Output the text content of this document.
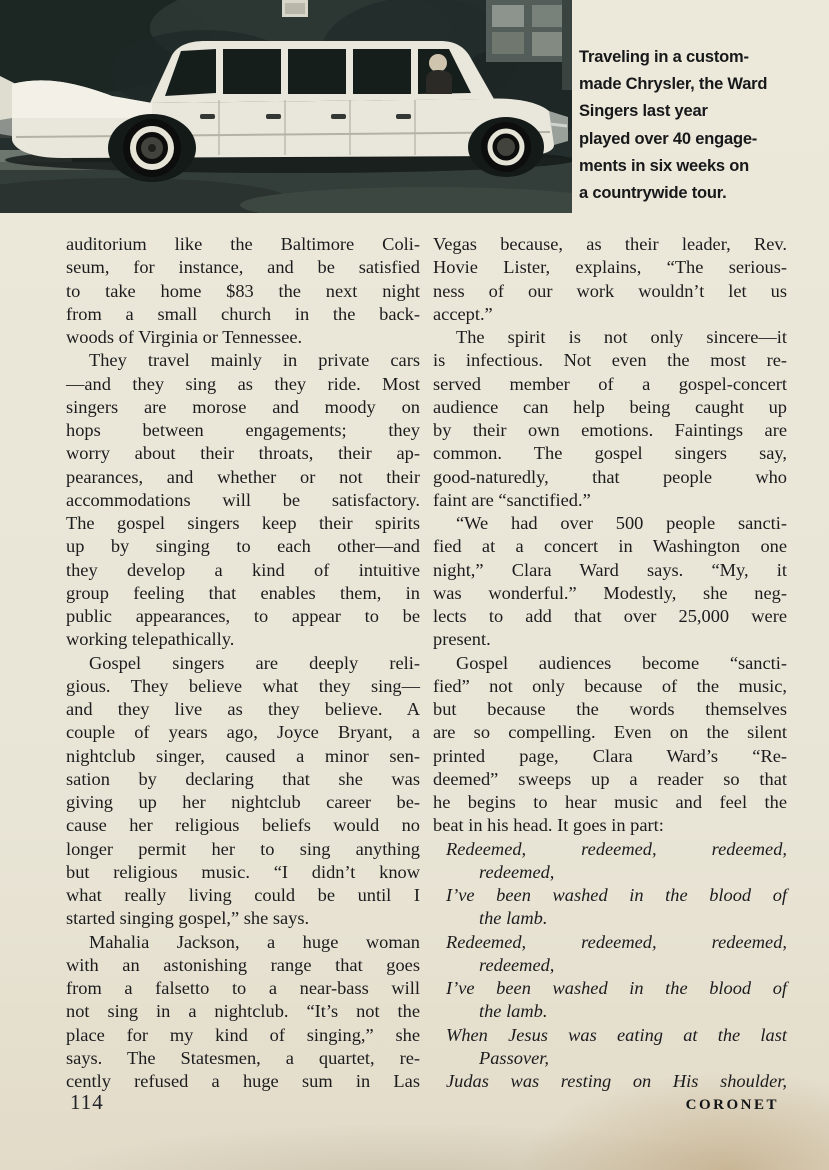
Traveling in a custom-
made Chrysler, the Ward
Singers last year
played over 40 engage-
ments in six weeks on
a countrywide tour.
auditorium like the Baltimore Coli-
seum, for instance, and be satisfied
to take home $83 the next night
from a small church in the back-
woods of Virginia or Tennessee.
They travel mainly in private cars
—and they sing as they ride. Most
singers are morose and moody on
hops between engagements; they
worry about their throats, their ap-
pearances, and whether or not their
accommodations will be satisfactory.
The gospel singers keep their spirits
up by singing to each other—and
they develop a kind of intuitive
group feeling that enables them, in
public appearances, to appear to be
working telepathically.
Gospel singers are deeply reli-
gious. They believe what they sing—
and they live as they believe. A
couple of years ago, Joyce Bryant, a
nightclub singer, caused a minor sen-
sation by declaring that she was
giving up her nightclub career be-
cause her religious beliefs would no
longer permit her to sing anything
but religious music. “I didn’t know
what really living could be until I
started singing gospel,” she says.
Mahalia Jackson, a huge woman
with an astonishing range that goes
from a falsetto to a near-bass will
not sing in a nightclub. “It’s not the
place for my kind of singing,” she
says. The Statesmen, a quartet, re-
cently refused a huge sum in Las
Vegas because, as their leader, Rev.
Hovie Lister, explains, “The serious-
ness of our work wouldn’t let us
accept.”
The spirit is not only sincere—it
is infectious. Not even the most re-
served member of a gospel-concert
audience can help being caught up
by their own emotions. Faintings are
common. The gospel singers say,
good-naturedly, that people who
faint are “sanctified.”
“We had over 500 people sancti-
fied at a concert in Washington one
night,” Clara Ward says. “My, it
was wonderful.” Modestly, she neg-
lects to add that over 25,000 were
present.
Gospel audiences become “sancti-
fied” not only because of the music,
but because the words themselves
are so compelling. Even on the silent
printed page, Clara Ward’s “Re-
deemed” sweeps up a reader so that
he begins to hear music and feel the
beat in his head. It goes in part:
Redeemed, redeemed, redeemed,
redeemed,
I’ve been washed in the blood of
the lamb.
Redeemed, redeemed, redeemed,
redeemed,
I’ve been washed in the blood of
the lamb.
When Jesus was eating at the last
Passover,
Judas was resting on His shoulder,
114	CORONET
